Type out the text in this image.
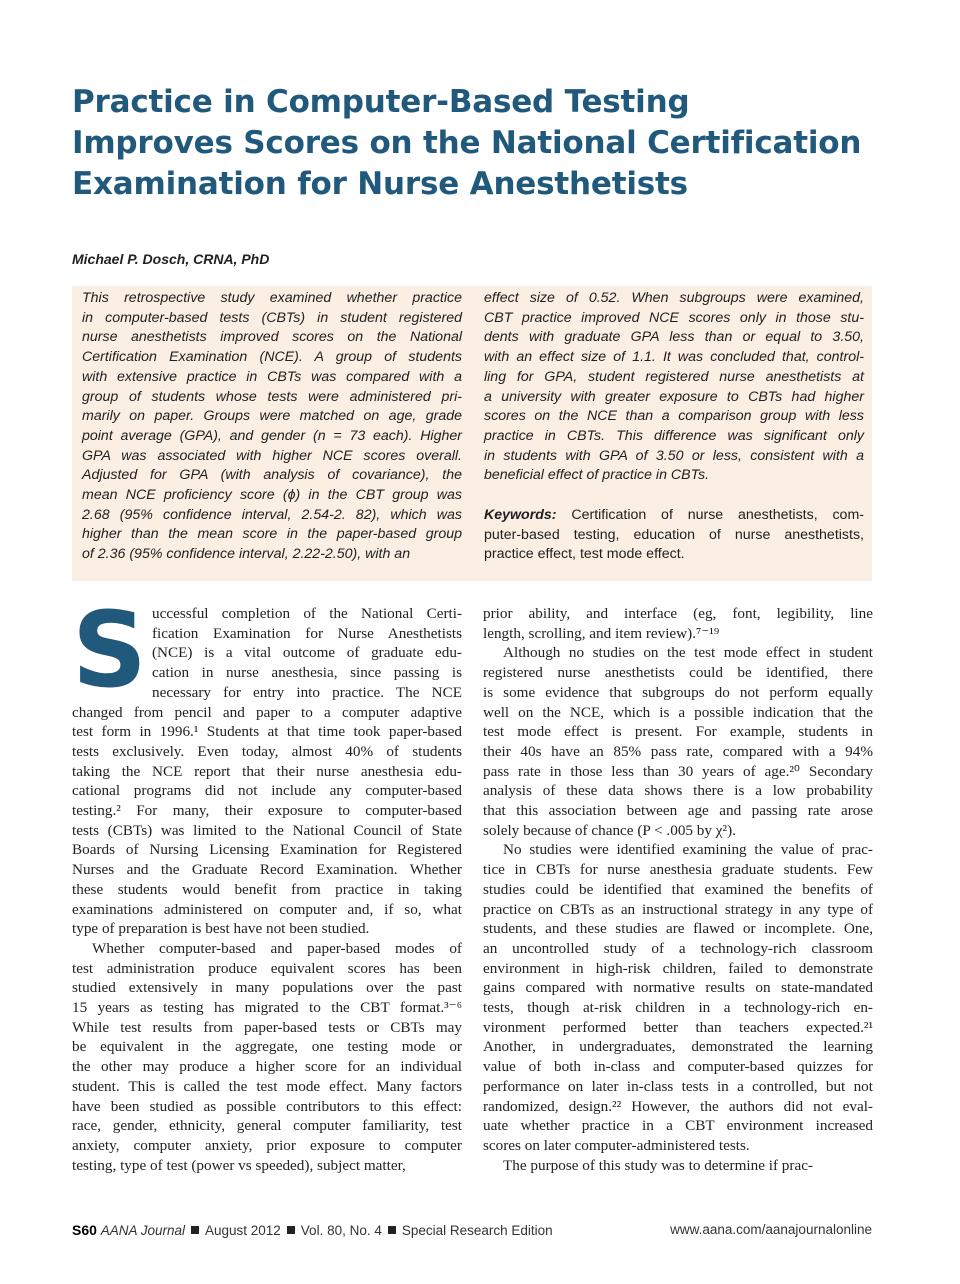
Practice in Computer-Based Testing
Improves Scores on the National Certification
Examination for Nurse Anesthetists
Michael P. Dosch, CRNA, PhD
This retrospective study examined whether practice
in computer-based tests (CBTs) in student registered
nurse anesthetists improved scores on the National
Certification Examination (NCE). A group of students
with extensive practice in CBTs was compared with a
group of students whose tests were administered pri-
marily on paper. Groups were matched on age, grade
point average (GPA), and gender (n = 73 each). Higher
GPA was associated with higher NCE scores overall.
Adjusted for GPA (with analysis of covariance), the
mean NCE proficiency score (ϕ) in the CBT group was
2.68 (95% confidence interval, 2.54-2. 82), which was
higher than the mean score in the paper-based group
of 2.36 (95% confidence interval, 2.22-2.50), with an
effect size of 0.52. When subgroups were examined,
CBT practice improved NCE scores only in those stu-
dents with graduate GPA less than or equal to 3.50,
with an effect size of 1.1. It was concluded that, control-
ling for GPA, student registered nurse anesthetists at
a university with greater exposure to CBTs had higher
scores on the NCE than a comparison group with less
practice in CBTs. This difference was significant only
in students with GPA of 3.50 or less, consistent with a
beneficial effect of practice in CBTs.
Keywords: Certification of nurse anesthetists, com-
puter-based testing, education of nurse anesthetists,
practice effect, test mode effect.
S uccessful completion of the National Certi-
fication Examination for Nurse Anesthetists
(NCE) is a vital outcome of graduate edu-
cation in nurse anesthesia, since passing is
necessary for entry into practice. The NCE
changed from pencil and paper to a computer adaptive
test form in 1996.¹ Students at that time took paper-based
tests exclusively. Even today, almost 40% of students
taking the NCE report that their nurse anesthesia edu-
cational programs did not include any computer-based
testing.² For many, their exposure to computer-based
tests (CBTs) was limited to the National Council of State
Boards of Nursing Licensing Examination for Registered
Nurses and the Graduate Record Examination. Whether
these students would benefit from practice in taking
examinations administered on computer and, if so, what
type of preparation is best have not been studied.
Whether computer-based and paper-based modes of
test administration produce equivalent scores has been
studied extensively in many populations over the past
15 years as testing has migrated to the CBT format.³⁻⁶
While test results from paper-based tests or CBTs may
be equivalent in the aggregate, one testing mode or
the other may produce a higher score for an individual
student. This is called the test mode effect. Many factors
have been studied as possible contributors to this effect:
race, gender, ethnicity, general computer familiarity, test
anxiety, computer anxiety, prior exposure to computer
testing, type of test (power vs speeded), subject matter,
prior ability, and interface (eg, font, legibility, line
length, scrolling, and item review).⁷⁻¹⁹
Although no studies on the test mode effect in student
registered nurse anesthetists could be identified, there
is some evidence that subgroups do not perform equally
well on the NCE, which is a possible indication that the
test mode effect is present. For example, students in
their 40s have an 85% pass rate, compared with a 94%
pass rate in those less than 30 years of age.²⁰ Secondary
analysis of these data shows there is a low probability
that this association between age and passing rate arose
solely because of chance (P < .005 by χ²).
No studies were identified examining the value of prac-
tice in CBTs for nurse anesthesia graduate students. Few
studies could be identified that examined the benefits of
practice on CBTs as an instructional strategy in any type of
students, and these studies are flawed or incomplete. One,
an uncontrolled study of a technology-rich classroom
environment in high-risk children, failed to demonstrate
gains compared with normative results on state-mandated
tests, though at-risk children in a technology-rich en-
vironment performed better than teachers expected.²¹
Another, in undergraduates, demonstrated the learning
value of both in-class and computer-based quizzes for
performance on later in-class tests in a controlled, but not
randomized, design.²² However, the authors did not eval-
uate whether practice in a CBT environment increased
scores on later computer-administered tests.
The purpose of this study was to determine if prac-
S60 AANA Journal August 2012 Vol. 80, No. 4 Special Research Edition	www.aana.com/aanajournalonline
